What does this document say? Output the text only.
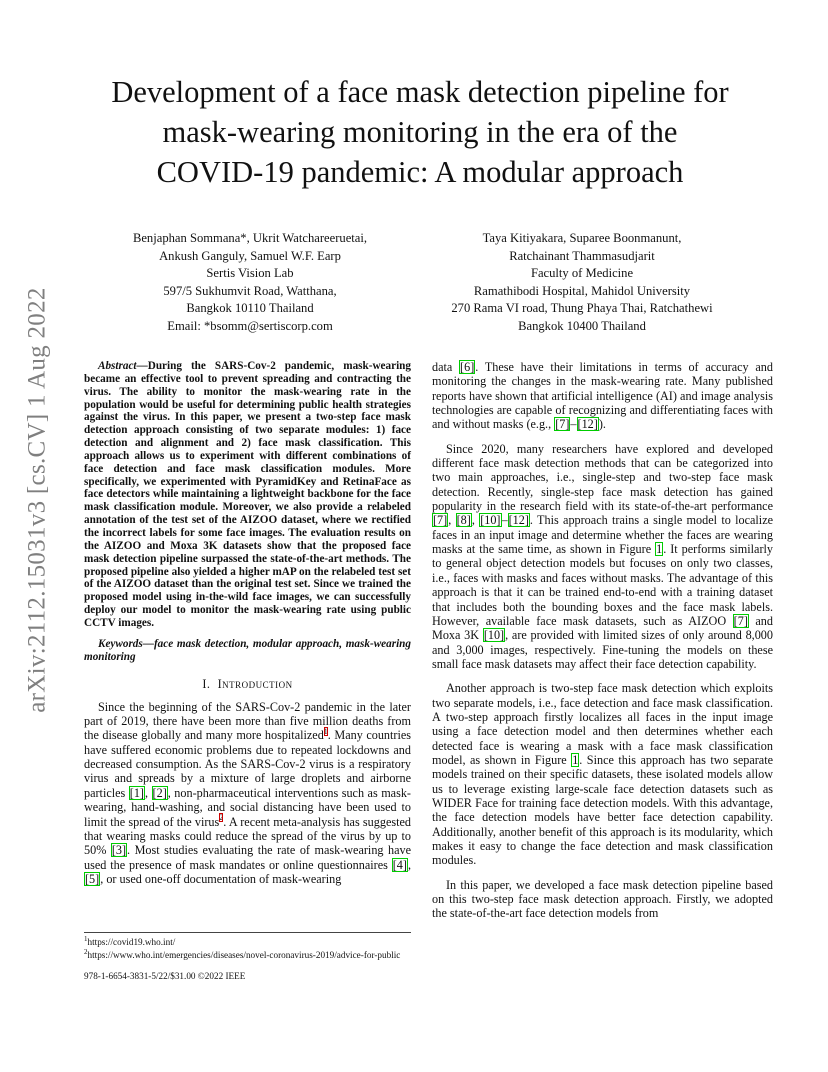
arXiv:2112.15031v3 [cs.CV] 1 Aug 2022
Development of a face mask detection pipeline for
mask-wearing monitoring in the era of the
COVID-19 pandemic: A modular approach
Benjaphan Sommana*, Ukrit Watchareeruetai,
Ankush Ganguly, Samuel W.F. Earp
Sertis Vision Lab
597/5 Sukhumvit Road, Watthana,
Bangkok 10110 Thailand
Email: *bsomm@sertiscorp.com
Taya Kitiyakara, Suparee Boonmanunt,
Ratchainant Thammasudjarit
Faculty of Medicine
Ramathibodi Hospital, Mahidol University
270 Rama VI road, Thung Phaya Thai, Ratchathewi
Bangkok 10400 Thailand

Abstract—During the SARS-Cov-2 pandemic, mask-wearing became an effective tool to prevent spreading and contracting the virus. The ability to monitor the mask-wearing rate in the population would be useful for determining public health strategies against the virus. In this paper, we present a two-step face mask detection approach consisting of two separate modules: 1) face detection and alignment and 2) face mask classification. This approach allows us to experiment with different combinations of face detection and face mask classification modules. More specifically, we experimented with PyramidKey and RetinaFace as face detectors while maintaining a lightweight backbone for the face mask classification module. Moreover, we also provide a relabeled annotation of the test set of the AIZOO dataset, where we rectified the incorrect labels for some face images. The evaluation results on the AIZOO and Moxa 3K datasets show that the proposed face mask detection pipeline surpassed the state-of-the-art methods. The proposed pipeline also yielded a higher mAP on the relabeled test set of the AIZOO dataset than the original test set. Since we trained the proposed model using in-the-wild face images, we can successfully deploy our model to monitor the mask-wearing rate using public CCTV images.

Keywords—face mask detection, modular approach, mask-wearing monitoring

I. Introduction

Since the beginning of the SARS-Cov-2 pandemic in the later part of 2019, there have been more than five million deaths from the disease globally and many more hospitalized$^1$. Many countries have suffered economic problems due to repeated lockdowns and decreased consumption. As the SARS-Cov-2 virus is a respiratory virus and spreads by a mixture of large droplets and airborne particles [1], [2], non-pharmaceutical interventions such as mask-wearing, hand-washing, and social distancing have been used to limit the spread of the virus$^2$. A recent meta-analysis has suggested that wearing masks could reduce the spread of the virus by up to 50% [3]. Most studies evaluating the rate of mask-wearing have used the presence of mask mandates or online questionnaires [4], [5], or used one-off documentation of mask-wearing

data [6]. These have their limitations in terms of accuracy and monitoring the changes in the mask-wearing rate. Many published reports have shown that artificial intelligence (AI) and image analysis technologies are capable of recognizing and differentiating faces with and without masks (e.g., [7]–[12]).

Since 2020, many researchers have explored and developed different face mask detection methods that can be categorized into two main approaches, i.e., single-step and two-step face mask detection. Recently, single-step face mask detection has gained popularity in the research field with its state-of-the-art performance [7], [8], [10]–[12]. This approach trains a single model to localize faces in an input image and determine whether the faces are wearing masks at the same time, as shown in Figure 1. It performs similarly to general object detection models but focuses on only two classes, i.e., faces with masks and faces without masks. The advantage of this approach is that it can be trained end-to-end with a training dataset that includes both the bounding boxes and the face mask labels. However, available face mask datasets, such as AIZOO [7] and Moxa 3K [10], are provided with limited sizes of only around 8,000 and 3,000 images, respectively. Fine-tuning the models on these small face mask datasets may affect their face detection capability.

Another approach is two-step face mask detection which exploits two separate models, i.e., face detection and face mask classification. A two-step approach firstly localizes all faces in the input image using a face detection model and then determines whether each detected face is wearing a mask with a face mask classification model, as shown in Figure 1. Since this approach has two separate models trained on their specific datasets, these isolated models allow us to leverage existing large-scale face detection datasets such as WIDER Face for training face detection models. With this advantage, the face detection models have better face detection capability. Additionally, another benefit of this approach is its modularity, which makes it easy to change the face detection and mask classification modules.

In this paper, we developed a face mask detection pipeline based on this two-step face mask detection approach. Firstly, we adopted the state-of-the-art face detection models from

$^1$https://covid19.who.int/

$^2$https://www.who.int/emergencies/diseases/novel-coronavirus-2019/advice-for-public

978-1-6654-3831-5/22/$31.00 ©2022 IEEE
